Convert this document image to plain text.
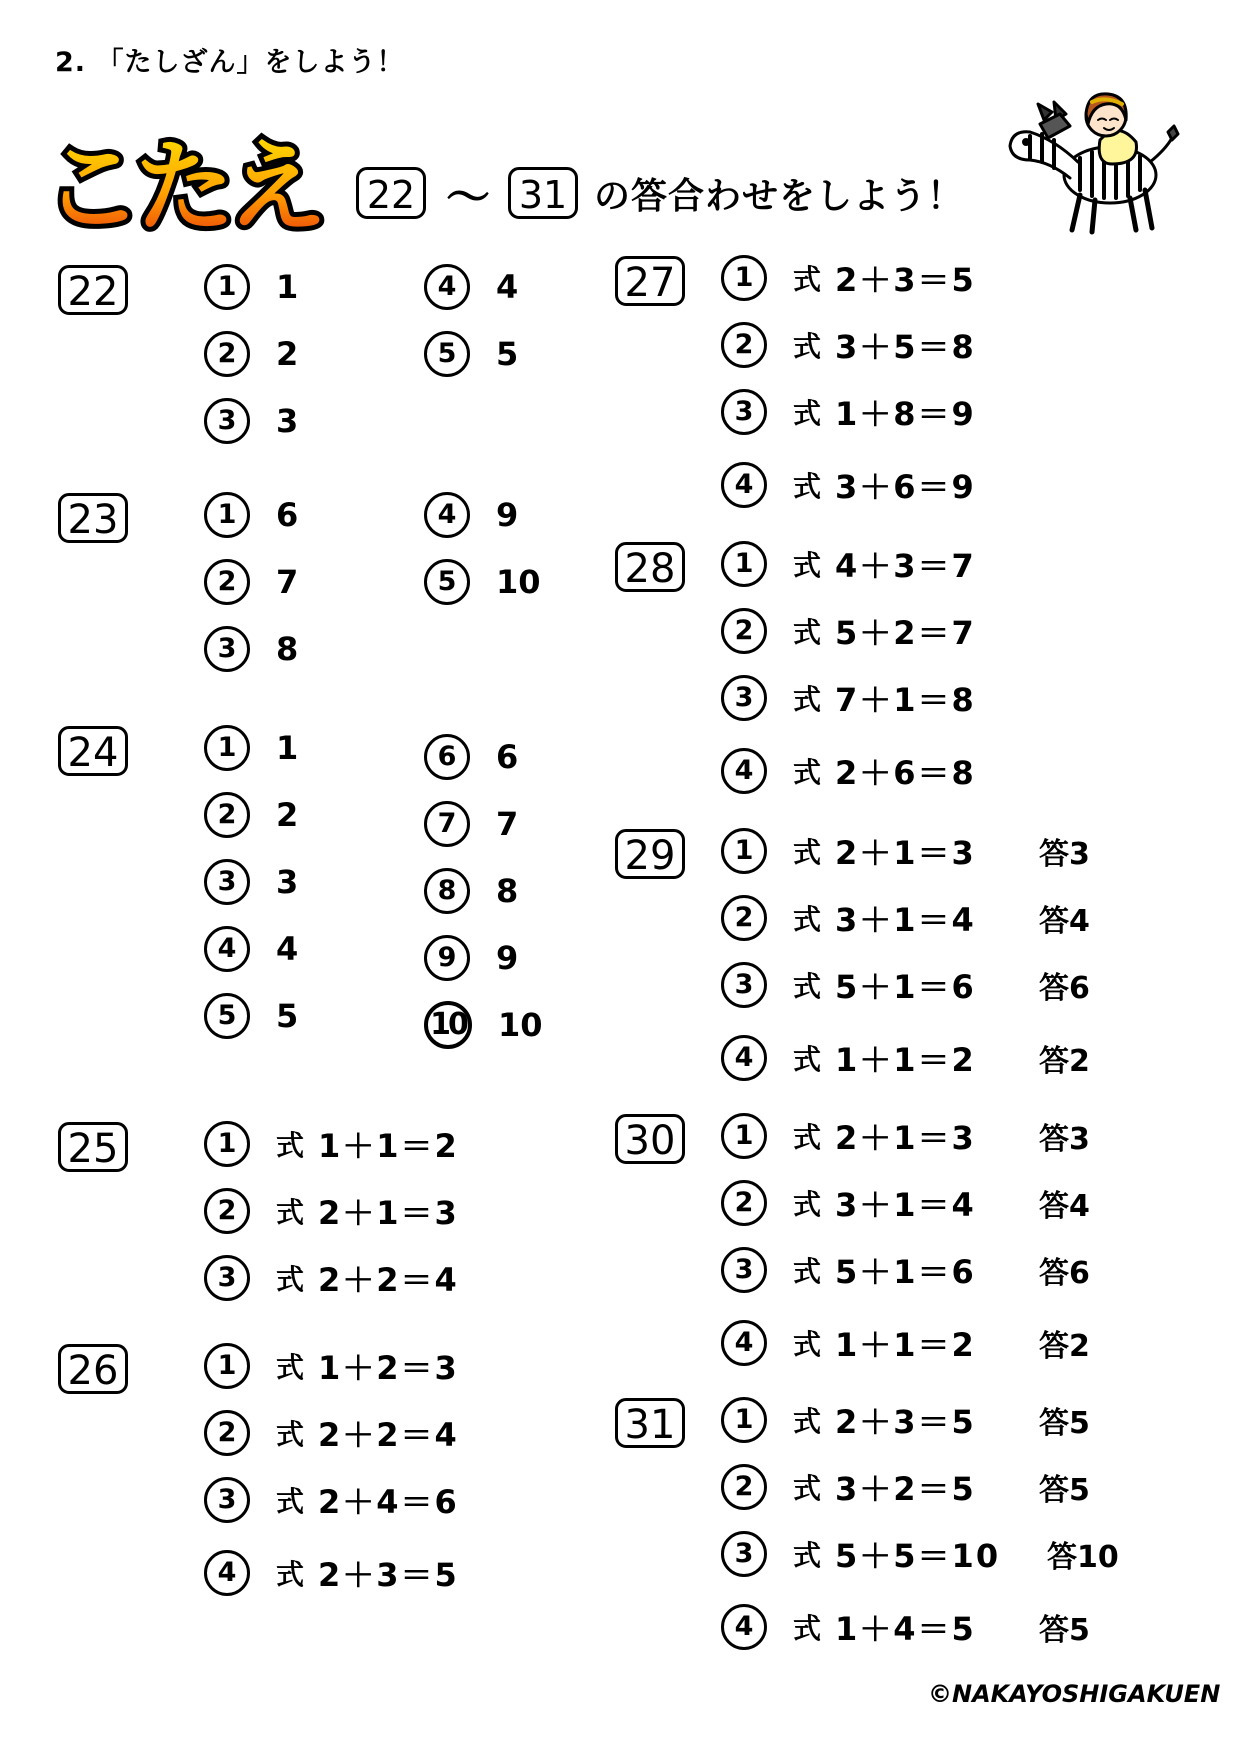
2. 「たしざん」をしよう！
こたえ 22 〜 31 の答合わせをしよう！
22	1	1
2	2
3	3
4	4
5	5
23	1	6
2	7
3	8
4	9
5	10
24	1	1
2	2
3	3
4	4
5	5
6	6
7	7
8	8
9	9
10 10
25	1	式 1＋1＝2
2	式 2＋1＝3
3	式 2＋2＝4
26	1	式 1＋2＝3
2	式 2＋2＝4
3	式 2＋4＝6
4	式 2＋3＝5
27	1	式 2＋3＝5
2	式 3＋5＝8
3	式 1＋8＝9
4	式 3＋6＝9
28	1	式 4＋3＝7
2	式 5＋2＝7
3	式 7＋1＝8
4	式 2＋6＝8
29	1	式 2＋1＝3	答3
2	式 3＋1＝4	答4
3	式 5＋1＝6	答6
4	式 1＋1＝2	答2
30	1	式 2＋1＝3	答3
2	式 3＋1＝4	答4
3	式 5＋1＝6	答6
4	式 1＋1＝2	答2
31	1	式 2＋3＝5	答5
2	式 3＋2＝5	答5
3	式 5＋5＝10	答10
4	式 1＋4＝5	答5
©NAKAYOSHIGAKUEN
